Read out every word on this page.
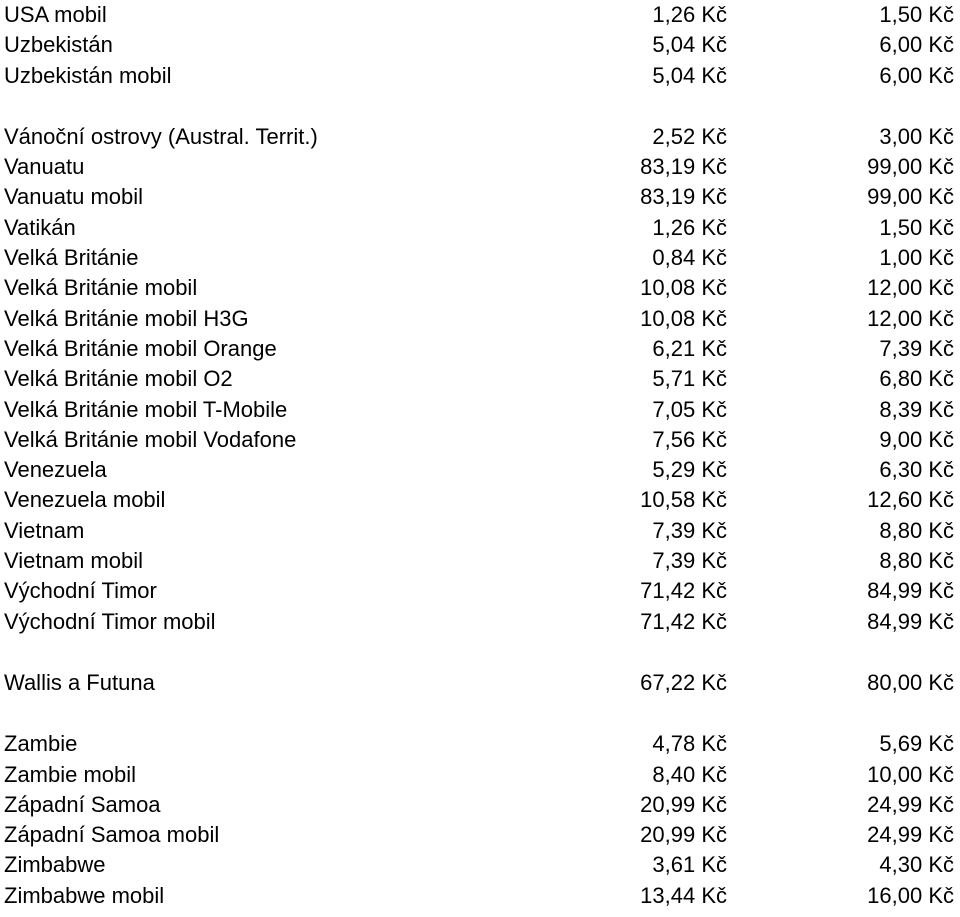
USA mobil	1,26 Kč	1,50 Kč
Uzbekistán	5,04 Kč	6,00 Kč
Uzbekistán mobil	5,04 Kč	6,00 Kč
Vánoční ostrovy (Austral. Territ.)	2,52 Kč	3,00 Kč
Vanuatu	83,19 Kč	99,00 Kč
Vanuatu mobil	83,19 Kč	99,00 Kč
Vatikán	1,26 Kč	1,50 Kč
Velká Británie	0,84 Kč	1,00 Kč
Velká Británie mobil	10,08 Kč	12,00 Kč
Velká Británie mobil H3G	10,08 Kč	12,00 Kč
Velká Británie mobil Orange	6,21 Kč	7,39 Kč
Velká Británie mobil O2	5,71 Kč	6,80 Kč
Velká Británie mobil T-Mobile	7,05 Kč	8,39 Kč
Velká Británie mobil Vodafone	7,56 Kč	9,00 Kč
Venezuela	5,29 Kč	6,30 Kč
Venezuela mobil	10,58 Kč	12,60 Kč
Vietnam	7,39 Kč	8,80 Kč
Vietnam mobil	7,39 Kč	8,80 Kč
Východní Timor	71,42 Kč	84,99 Kč
Východní Timor mobil	71,42 Kč	84,99 Kč
Wallis a Futuna	67,22 Kč	80,00 Kč
Zambie	4,78 Kč	5,69 Kč
Zambie mobil	8,40 Kč	10,00 Kč
Západní Samoa	20,99 Kč	24,99 Kč
Západní Samoa mobil	20,99 Kč	24,99 Kč
Zimbabwe	3,61 Kč	4,30 Kč
Zimbabwe mobil	13,44 Kč	16,00 Kč
